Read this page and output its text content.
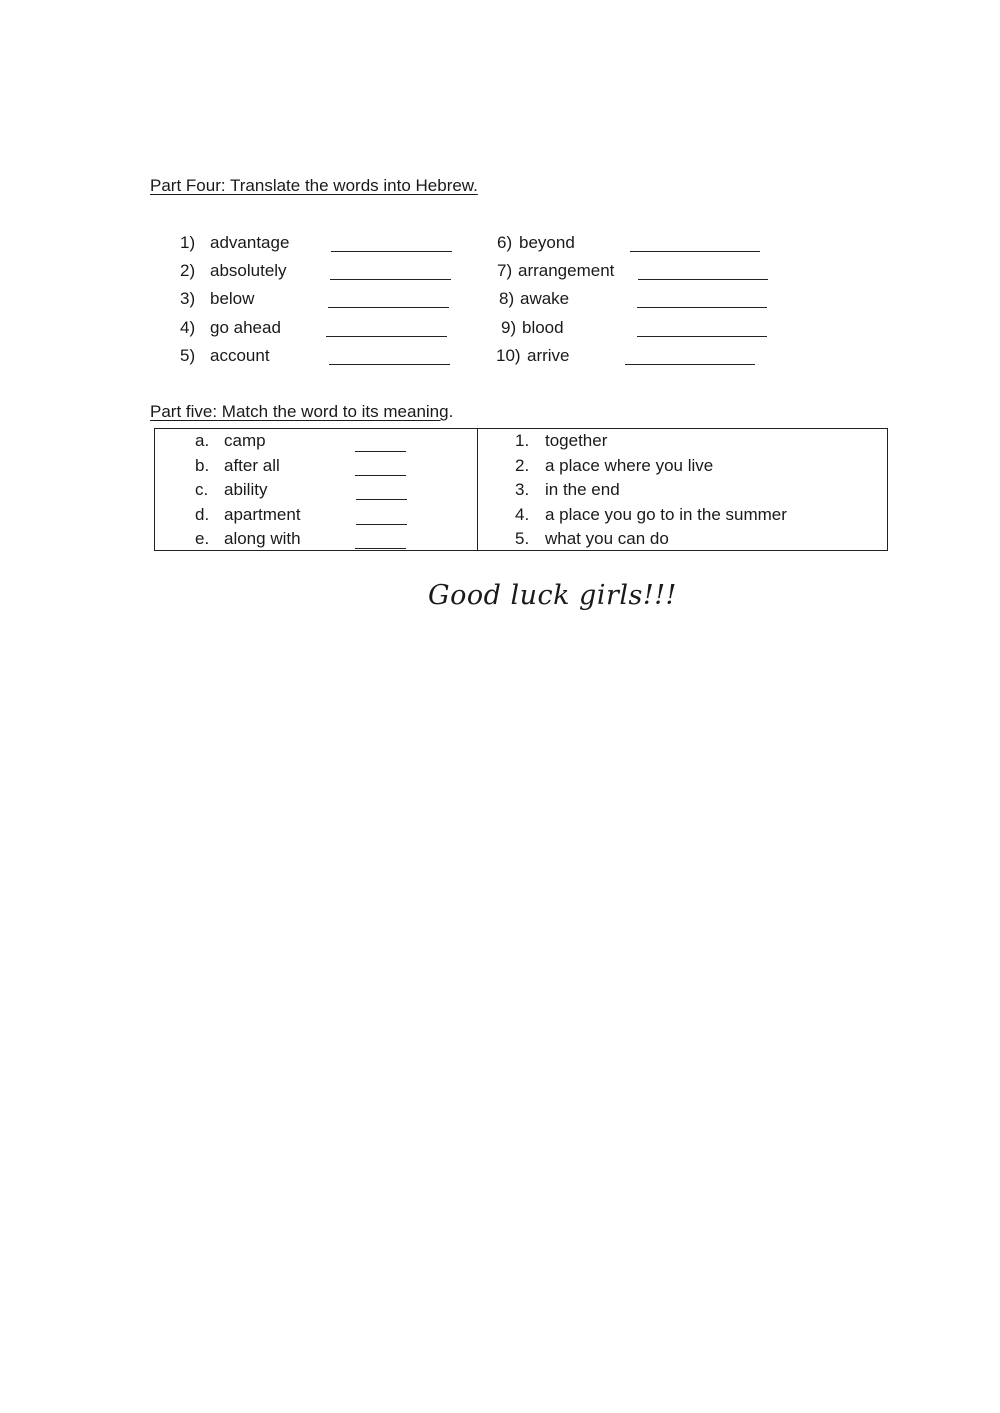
Part Four: Translate the words into Hebrew.
1) advantage
2) absolutely
3) below
4) go ahead
5) account
6) beyond
7) arrangement
8) awake
9) blood
10) arrive
Part five: Match the word to its meaning.
a. camp
b. after all
c. ability
d. apartment
e. along with
1. together
2. a place where you live
3. in the end
4. a place you go to in the summer
5. what you can do
Good luck girls!!!
